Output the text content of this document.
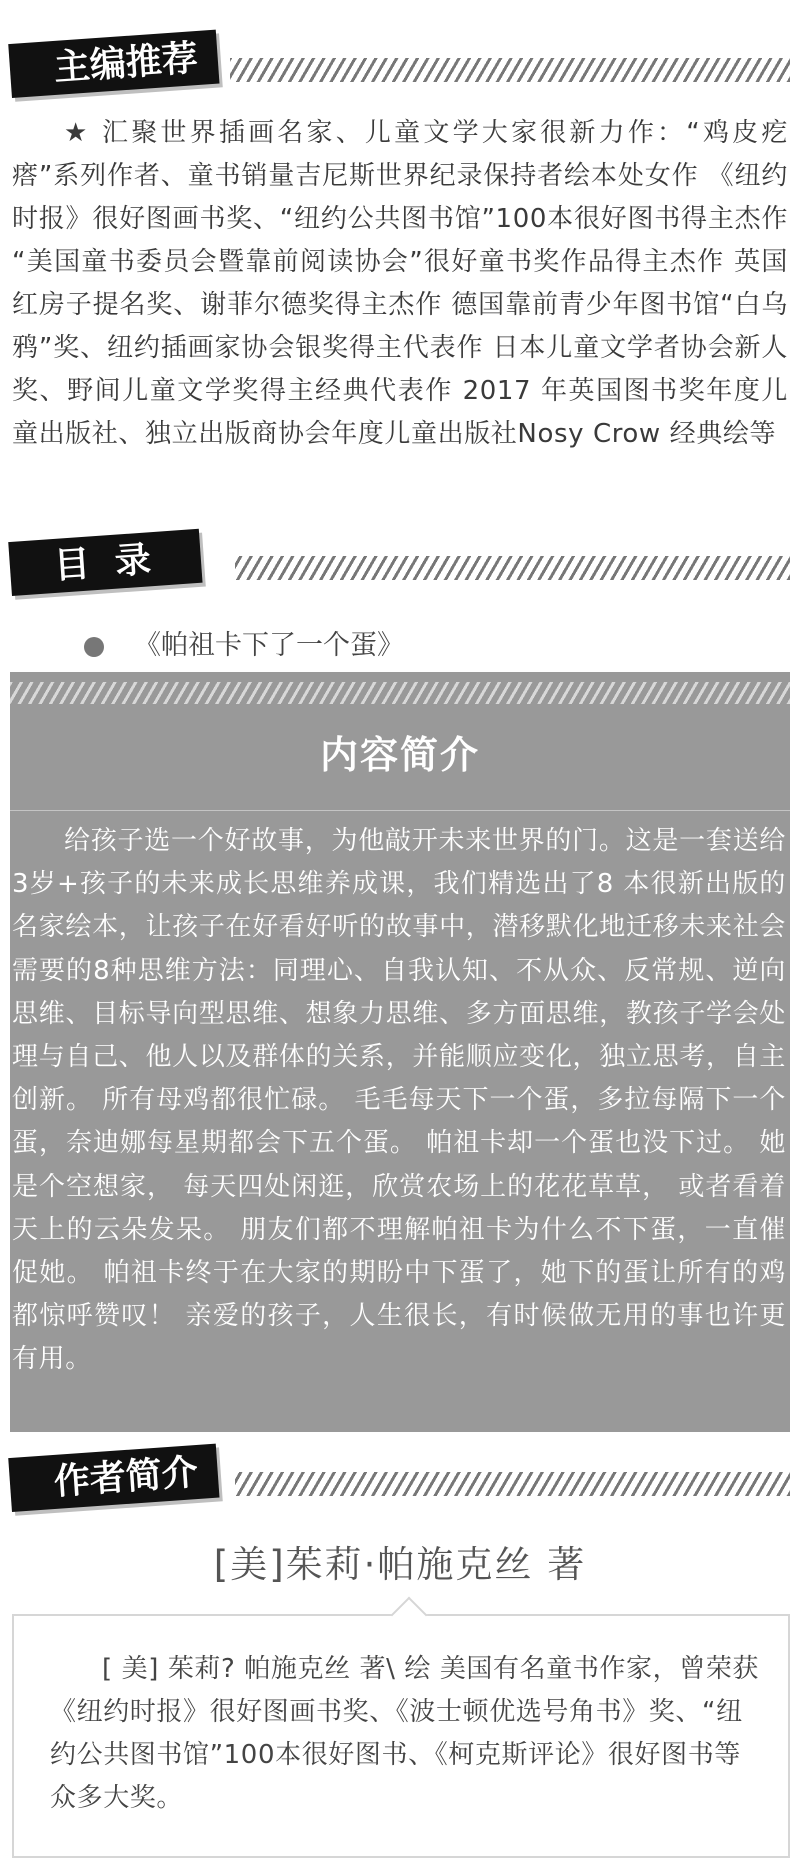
主编推荐

★ 汇聚世界插画名家、儿童文学大家很新力作：“鸡皮疙瘩”系列作者、童书销量吉尼斯世界纪录保持者绘本处女作 《纽约时报》很好图画书奖、“纽约公共图书馆”100本很好图书得主杰作 “美国童书委员会暨靠前阅读协会”很好童书奖作品得主杰作 英国红房子提名奖、谢菲尔德奖得主杰作 德国靠前青少年图书馆“白乌鸦”奖、纽约插画家协会银奖得主代表作 日本儿童文学者协会新人奖、野间儿童文学奖得主经典代表作 2017 年英国图书奖年度儿童出版社、独立出版商协会年度儿童出版社Nosy Crow 经典绘等

目  录
《帕祖卡下了一个蛋》
内容简介

给孩子选一个好故事，为他敲开未来世界的门。这是一套送给3岁+孩子的未来成长思维养成课，我们精选出了8 本很新出版的名家绘本，让孩子在好看好听的故事中，潜移默化地迁移未来社会需要的8种思维方法：同理心、自我认知、不从众、反常规、逆向思维、目标导向型思维、想象力思维、多方面思维，教孩子学会处理与自己、他人以及群体的关系，并能顺应变化，独立思考，自主创新。 所有母鸡都很忙碌。 毛毛每天下一个蛋，多拉每隔下一个蛋，奈迪娜每星期都会下五个蛋。 帕祖卡却一个蛋也没下过。 她是个空想家， 每天四处闲逛，欣赏农场上的花花草草， 或者看着天上的云朵发呆。 朋友们都不理解帕祖卡为什么不下蛋，一直催促她。 帕祖卡终于在大家的期盼中下蛋了，她下的蛋让所有的鸡都惊呼赞叹！ 亲爱的孩子，人生很长，有时候做无用的事也许更有用。

作者简介
[美]茱莉·帕施克丝 著

[ 美] 茱莉? 帕施克丝 著\ 绘 美国有名童书作家，曾荣获《纽约时报》很好图画书奖、《波士顿优选号角书》奖、“纽约公共图书馆”100本很好图书、《柯克斯评论》很好图书等众多大奖。
